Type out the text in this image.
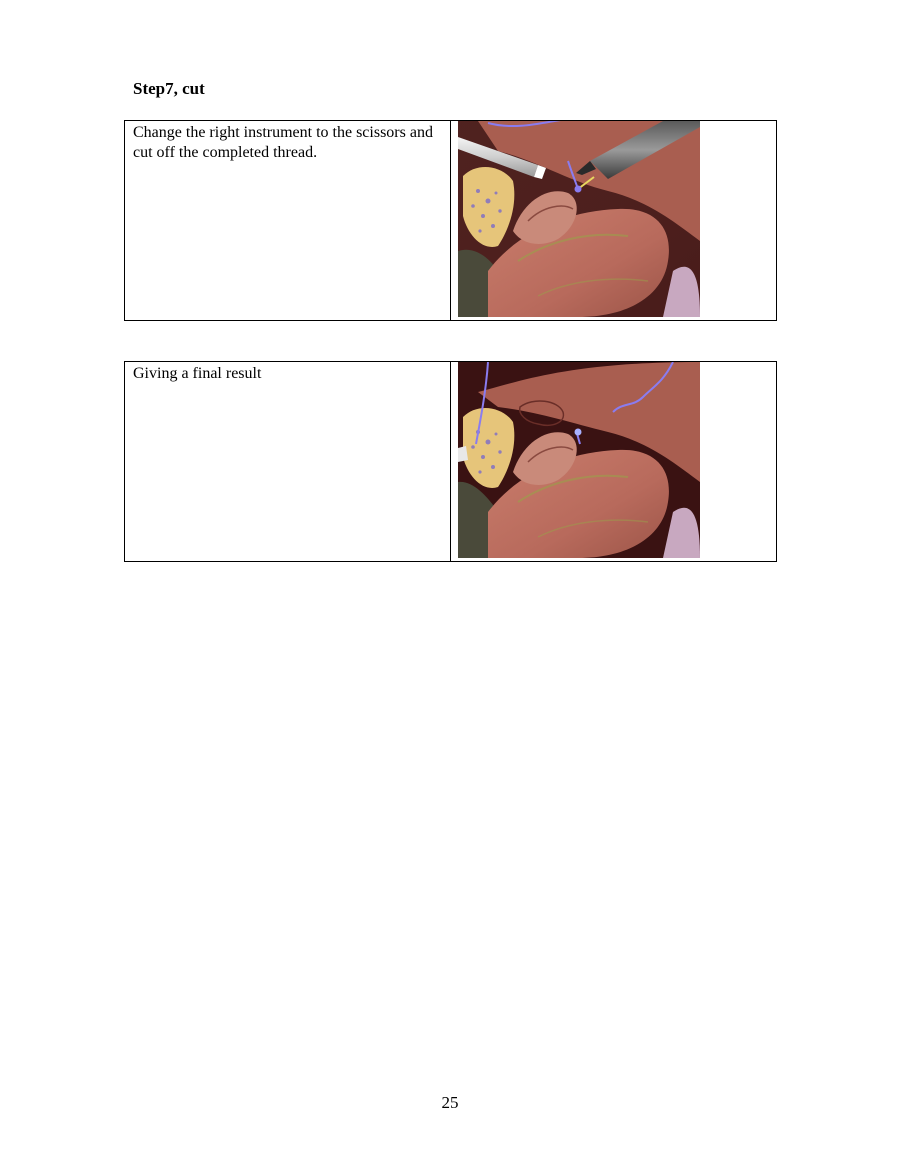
Step7, cut
Change the right instrument to the scissors and cut off the completed thread.

Giving a final result

25
